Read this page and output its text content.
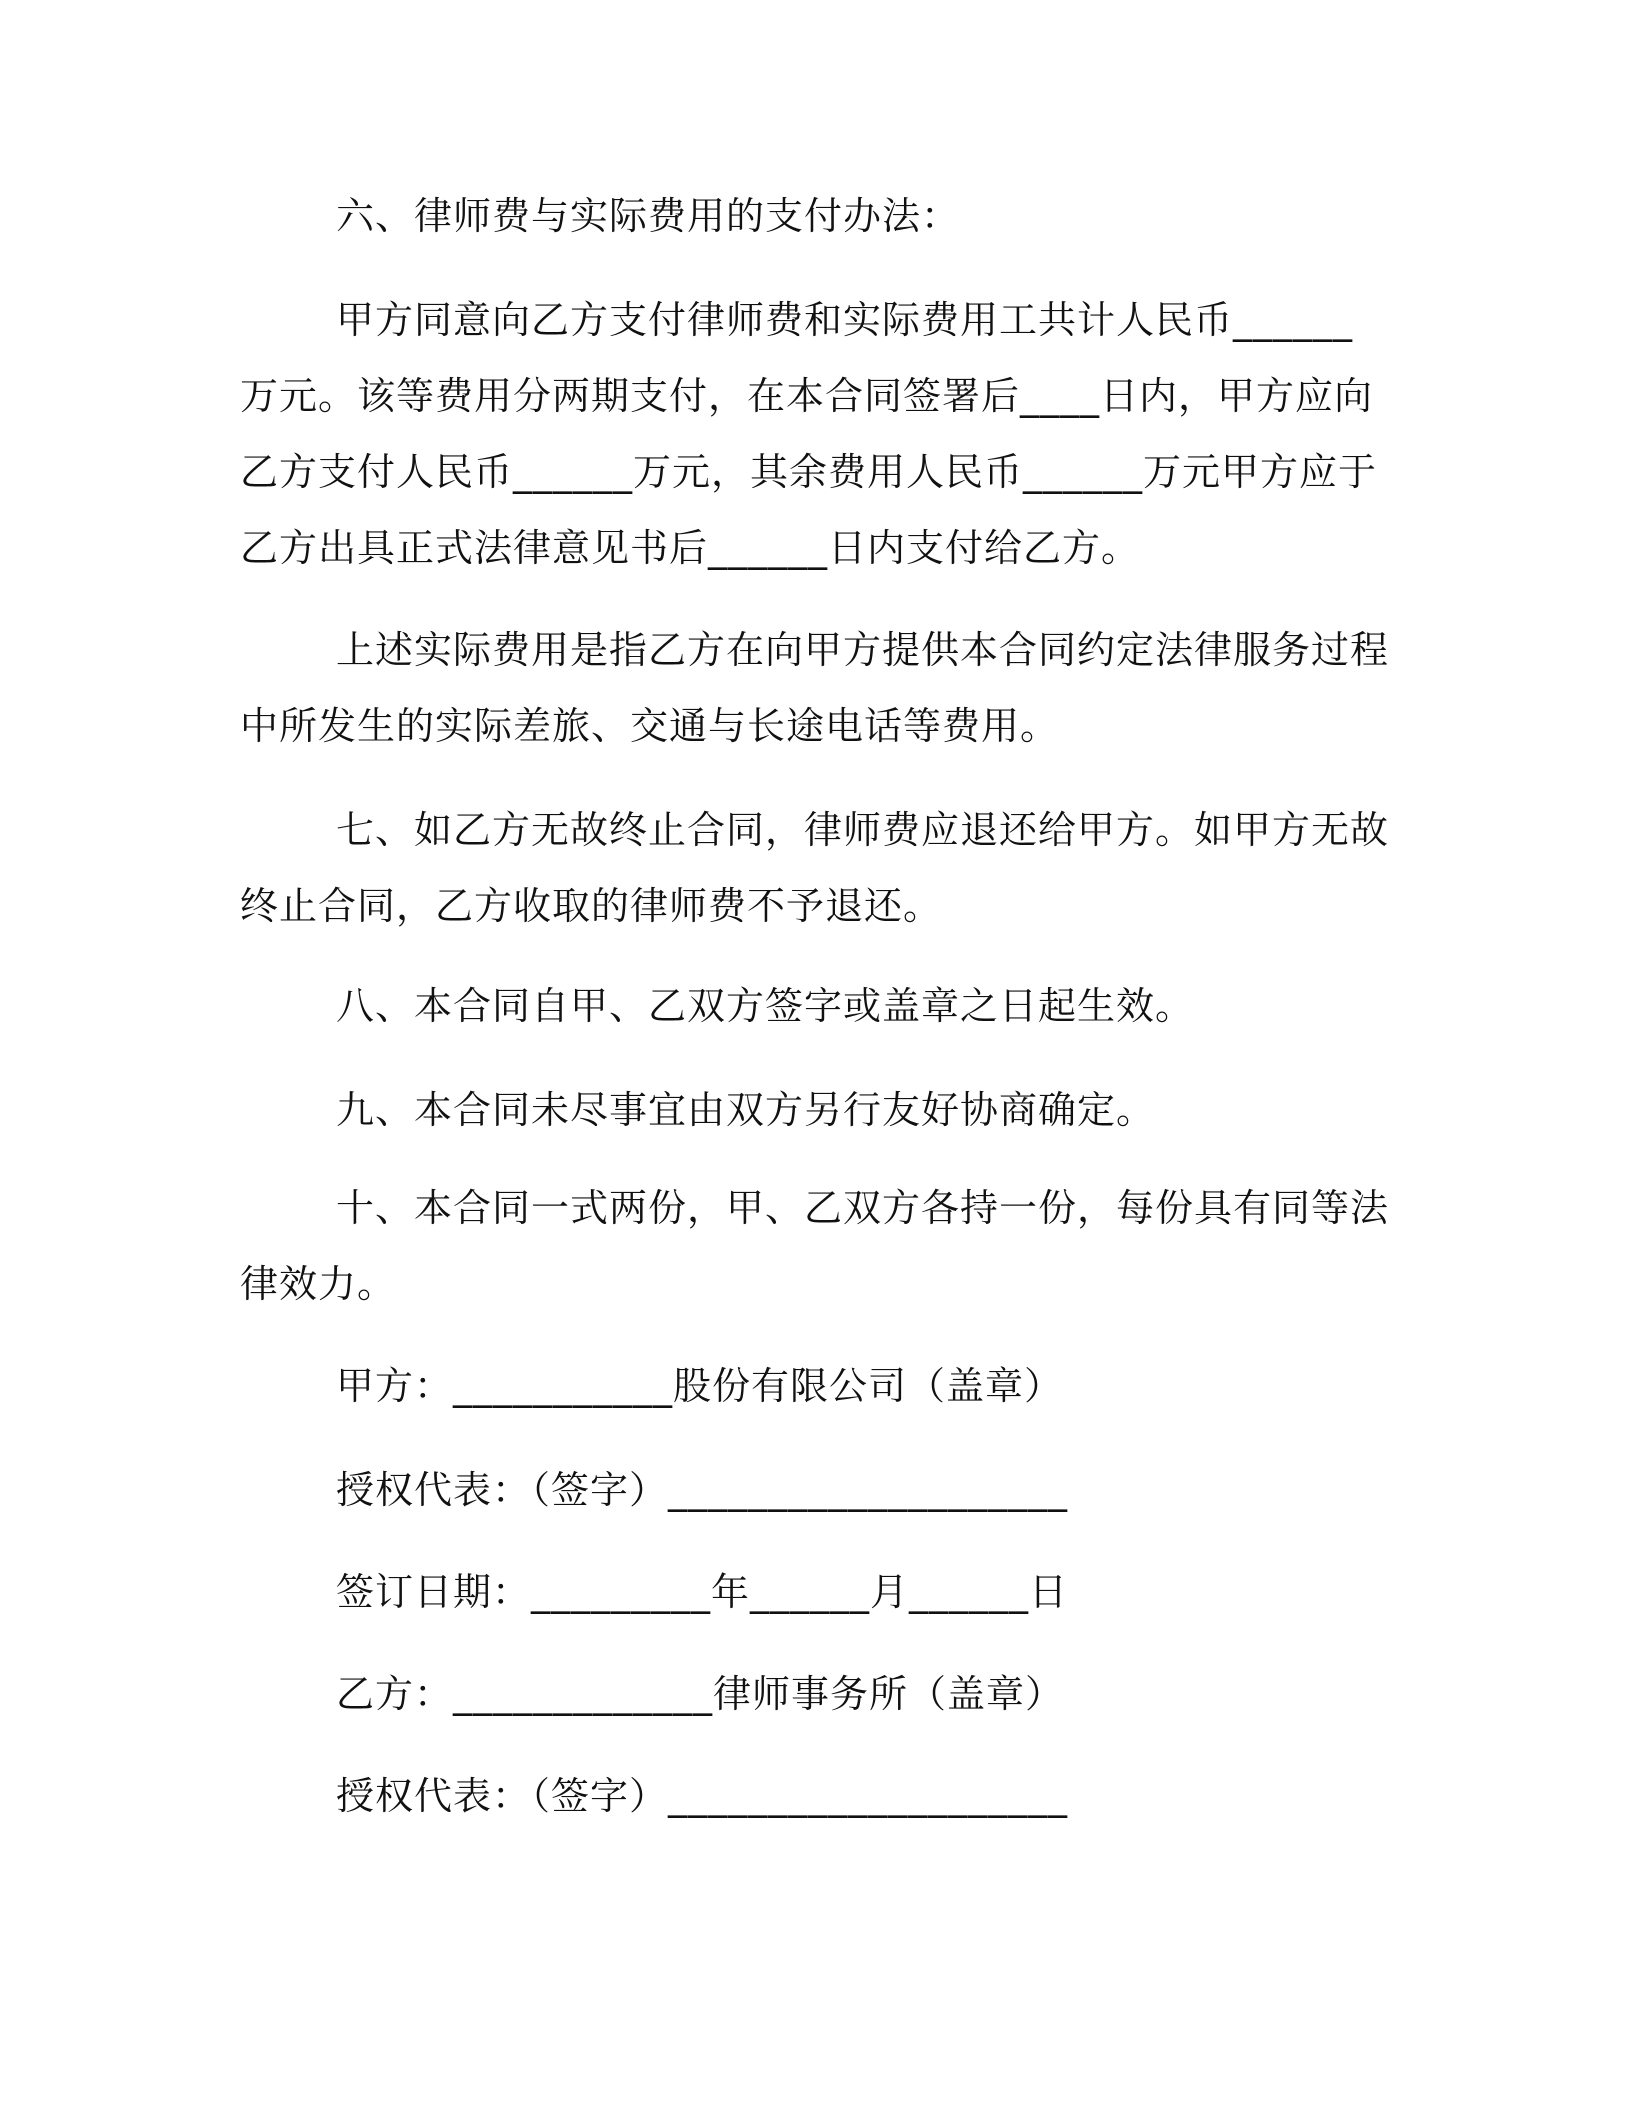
六、律师费与实际费用的支付办法：
甲方同意向乙方支付律师费和实际费用工共计人民币______万元。该等费用分两期支付，在本合同签署后____日内，甲方应向乙方支付人民币______万元，其余费用人民币______万元甲方应于乙方出具正式法律意见书后______日内支付给乙方。
上述实际费用是指乙方在向甲方提供本合同约定法律服务过程中所发生的实际差旅、交通与长途电话等费用。
七、如乙方无故终止合同，律师费应退还给甲方。如甲方无故终止合同，乙方收取的律师费不予退还。
八、本合同自甲、乙双方签字或盖章之日起生效。
九、本合同未尽事宜由双方另行友好协商确定。
十、本合同一式两份，甲、乙双方各持一份，每份具有同等法律效力。
甲方：___________股份有限公司（盖章）
授权代表：（签字）____________________
签订日期：_________年______月______日
乙方：_____________律师事务所（盖章）
授权代表：（签字）____________________
